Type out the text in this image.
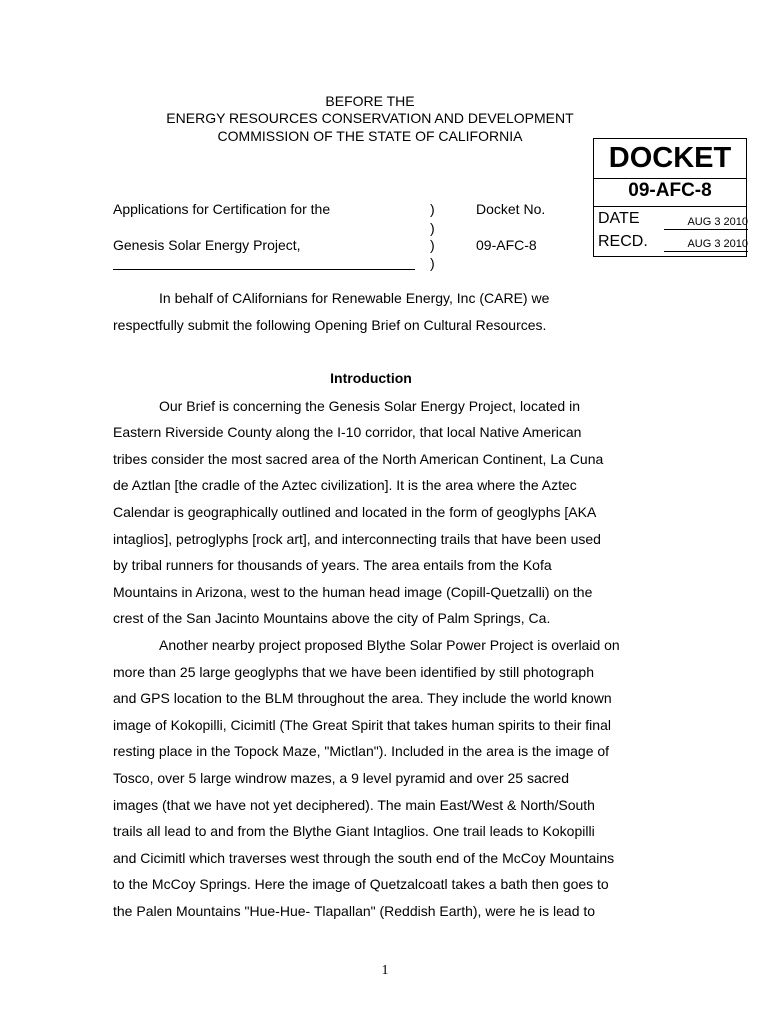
BEFORE THE
ENERGY RESOURCES CONSERVATION AND DEVELOPMENT
COMMISSION OF THE STATE OF CALIFORNIA
DOCKET
09-AFC-8
DATE	AUG 3 2010
RECD.	AUG 3 2010
Applications for Certification for the
Genesis Solar Energy Project,
)
)
)
)
Docket No.
09-AFC-8
In behalf of CAlifornians for Renewable Energy, Inc (CARE) we
respectfully submit the following Opening Brief on Cultural Resources.
Introduction
Our Brief is concerning the Genesis Solar Energy Project, located in
Eastern Riverside County along the I-10 corridor, that local Native American
tribes consider the most sacred area of the North American Continent, La Cuna
de Aztlan [the cradle of the Aztec civilization]. It is the area where the Aztec
Calendar is geographically outlined and located in the form of geoglyphs [AKA
intaglios], petroglyphs [rock art], and interconnecting trails that have been used
by tribal runners for thousands of years. The area entails from the Kofa
Mountains in Arizona, west to the human head image (Copill-Quetzalli) on the
crest of the San Jacinto Mountains above the city of Palm Springs, Ca.
Another nearby project proposed Blythe Solar Power Project is overlaid on
more than 25 large geoglyphs that we have been identified by still photograph
and GPS location to the BLM throughout the area. They include the world known
image of Kokopilli, Cicimitl (The Great Spirit that takes human spirits to their final
resting place in the Topock Maze, "Mictlan"). Included in the area is the image of
Tosco, over 5 large windrow mazes, a 9 level pyramid and over 25 sacred
images (that we have not yet deciphered). The main East/West & North/South
trails all lead to and from the Blythe Giant Intaglios. One trail leads to Kokopilli
and Cicimitl which traverses west through the south end of the McCoy Mountains
to the McCoy Springs. Here the image of Quetzalcoatl takes a bath then goes to
the Palen Mountains "Hue-Hue- Tlapallan" (Reddish Earth), were he is lead to
1
